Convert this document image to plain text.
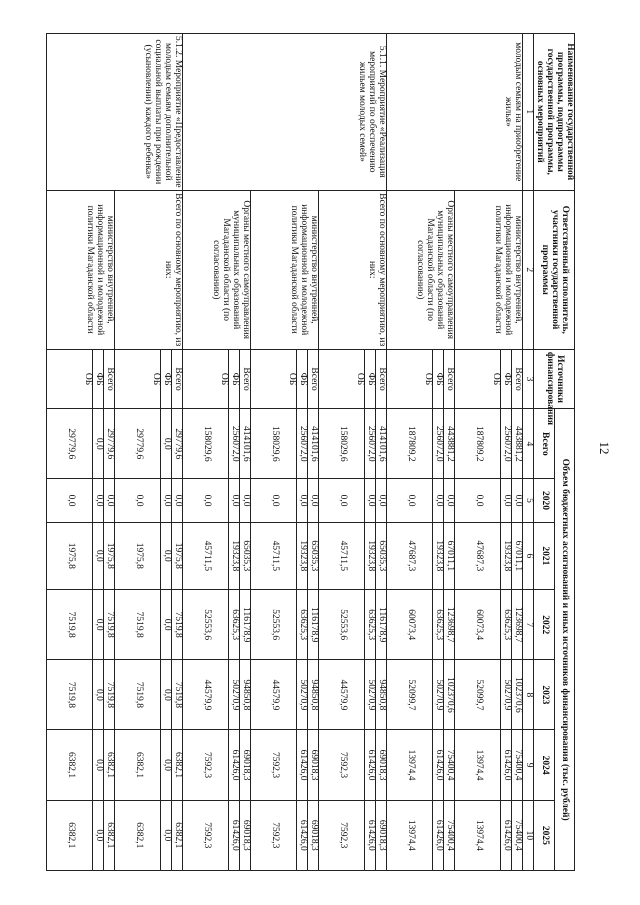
12
Наименование государственной программы, подпрограммы государственной программы, основных мероприятий	Ответственный исполнитель, участники государственной программы	Источники финансирования	Объем бюджетных ассигнований и иных источников финансирования (тыс. рублей)						
			Всего	2020	2021	2022	2023	2024	2025
1	2	3	4	5	6	7	8	9	10
молодым семьям на приобретение жилья»	министерство внутренней, информационной и молодежной политики Магаданской области	Всего	443881,2	0,0	67011,1	123698,7	102370,6	75400,4	75400,4
		ФБ	256072,0	0,0	19323,8	63625,3	50270,9	61426,0	61426,0
		ОБ	187809,2	0,0	47687,3	60073,4	52099,7	13974,4	13974,4
	Органы местного самоуправления муниципальных образований Магаданской области (по согласованию)	Всего	443881,2	0,0	67011,1	123698,7	102370,6	75400,4	75400,4
		ФБ	256072,0	0,0	19323,8	63625,3	50270,9	61426,0	61426,0
		ОБ	187809,2	0,0	47687,3	60073,4	52099,7	13974,4	13974,4
5.1.1. Мероприятие «Реализация мероприятий по обеспечению жильем молодых семей»	Всего по основному мероприятию, из них:	Всего	414101,6	0,0	65035,3	116178,9	94850,8	69018,3	69018,3
		ФБ	256072,0	0,0	19323,8	63625,3	50270,9	61426,0	61426,0
		ОБ	158029,6	0,0	45711,5	52553,6	44579,9	7592,3	7592,3
	министерство внутренней, информационной и молодежной политики Магаданской области	Всего	414101,6	0,0	65035,3	116178,9	94850,8	69018,3	69018,3
		ФБ	256072,0	0,0	19323,8	63625,3	50270,9	61426,0	61426,0
		ОБ	158029,6	0,0	45711,5	52553,6	44579,9	7592,3	7592,3
	Органы местного самоуправления муниципальных образований Магаданской области (по согласованию)	Всего	414101,6	0,0	65035,3	116178,9	94850,8	69018,3	69018,3
		ФБ	256072,0	0,0	19323,8	63625,3	50270,9	61426,0	61426,0
		ОБ	158029,6	0,0	45711,5	52553,6	44579,9	7592,3	7592,3
5.1.2. Мероприятие «Предоставление молодым семьям дополнительной социальной выплаты при рождении (усыновлении) каждого ребенка»	Всего по основному мероприятию, из них:	Всего	29779,6	0,0	1975,8	7519,8	7519,8	6382,1	6382,1
		ФБ	0,0	0,0	0,0	0,0	0,0	0,0	0,0
		ОБ	29779,6	0,0	1975,8	7519,8	7519,8	6382,1	6382,1
	министерство внутренней, информационной и молодежной политики Магаданской области	Всего	29779,6	0,0	1975,8	7519,8	7519,8	6382,1	6382,1
		ФБ	0,0	0,0	0,0	0,0	0,0	0,0	0,0
		ОБ	29779,6	0,0	1975,8	7519,8	7519,8	6382,1	6382,1
